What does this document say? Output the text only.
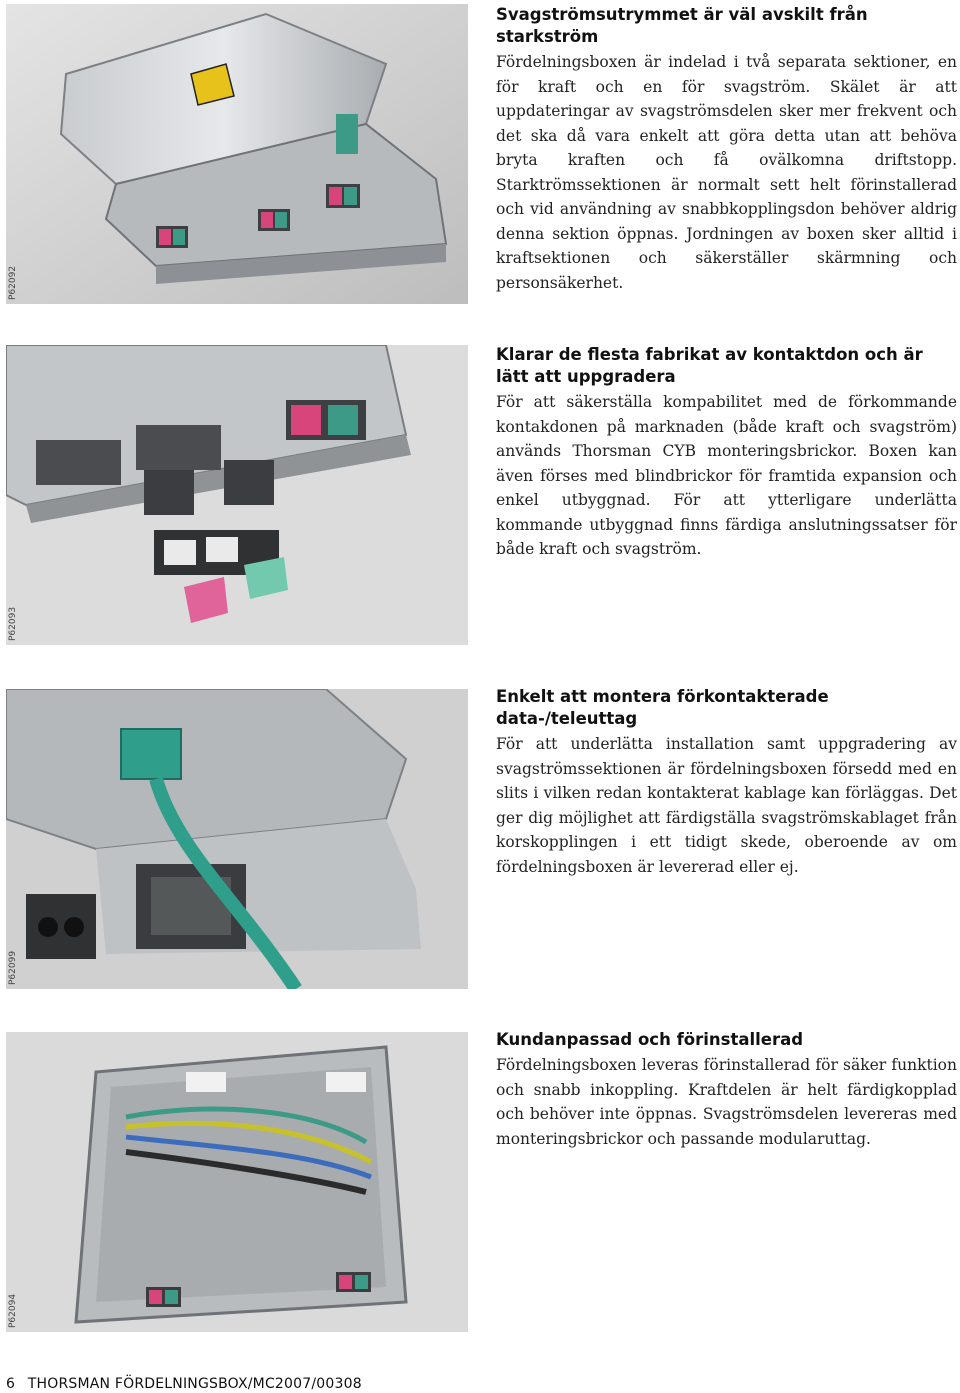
P62092
P62093
P62099
P62094
Svagströmsutrymmet är väl avskilt från starkström

Fördelningsboxen är indelad i två separata sektioner, en för kraft och en för svagström. Skälet är att uppdateringar av svagströmsdelen sker mer frekvent och det ska då vara enkelt att göra detta utan att behöva bryta kraften och få ovälkomna driftstopp. Starktrömssektionen är normalt sett helt förinstallerad och vid användning av snabbkopplingsdon behöver aldrig denna sektion öppnas. Jordningen av boxen sker alltid i kraftsektionen och säkerställer skärmning och personsäkerhet.

Klarar de flesta fabrikat av kontaktdon och är lätt att uppgradera

För att säkerställa kompabilitet med de förkommande kontakdonen på marknaden (både kraft och svagström) används Thorsman CYB monteringsbrickor. Boxen kan även förses med blindbrickor för framtida expansion och enkel utbyggnad. För att ytterligare underlätta kommande utbyggnad finns färdiga anslutningssatser för både kraft och svagström.

Enkelt att montera förkontakterade data-/teleuttag

För att underlätta installation samt uppgradering av svagströmssektionen är fördelningsboxen försedd med en slits i vilken redan kontakterat kablage kan förläggas. Det ger dig möjlighet att färdigställa svagströmskablaget från korskopplingen i ett tidigt skede, oberoende av om fördelningsboxen är levererad eller ej.

Kundanpassad och förinstallerad

Fördelningsboxen leveras förinstallerad för säker funktion och snabb inkoppling. Kraftdelen är helt färdigkopplad och behöver inte öppnas. Svagströmsdelen levereras med monteringsbrickor och passande modularuttag.

6 THORSMAN FÖRDELNINGSBOX/MC2007/00308
